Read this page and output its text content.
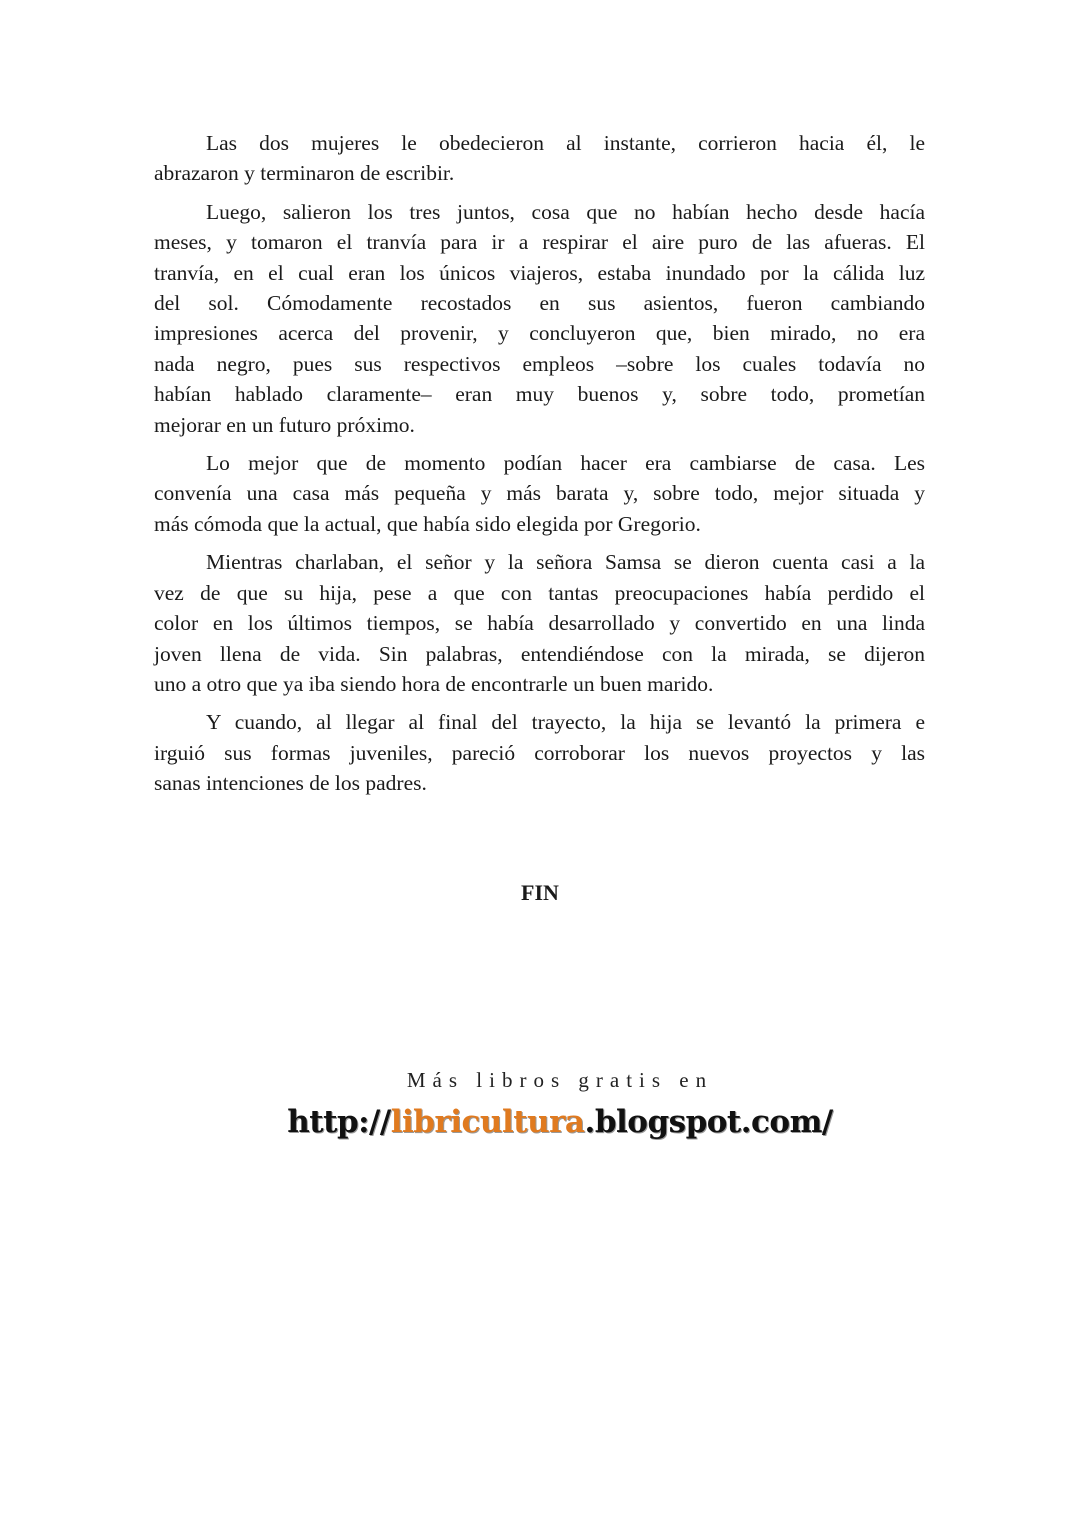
Las dos mujeres le obedecieron al instante, corrieron hacia él, le
abrazaron y terminaron de escribir.
Luego, salieron los tres juntos, cosa que no habían hecho desde hacía
meses, y tomaron el tranvía para ir a respirar el aire puro de las afueras. El
tranvía, en el cual eran los únicos viajeros, estaba inundado por la cálida luz
del sol. Cómodamente recostados en sus asientos, fueron cambiando
impresiones acerca del provenir, y concluyeron que, bien mirado, no era
nada negro, pues sus respectivos empleos –sobre los cuales todavía no
habían hablado claramente– eran muy buenos y, sobre todo, prometían
mejorar en un futuro próximo.
Lo mejor que de momento podían hacer era cambiarse de casa. Les
convenía una casa más pequeña y más barata y, sobre todo, mejor situada y
más cómoda que la actual, que había sido elegida por Gregorio.
Mientras charlaban, el señor y la señora Samsa se dieron cuenta casi a la
vez de que su hija, pese a que con tantas preocupaciones había perdido el
color en los últimos tiempos, se había desarrollado y convertido en una linda
joven llena de vida. Sin palabras, entendiéndose con la mirada, se dijeron
uno a otro que ya iba siendo hora de encontrarle un buen marido.
Y cuando, al llegar al final del trayecto, la hija se levantó la primera e
irguió sus formas juveniles, pareció corroborar los nuevos proyectos y las
sanas intenciones de los padres.
FIN
Más libros gratis en
http://libricultura.blogspot.com/
